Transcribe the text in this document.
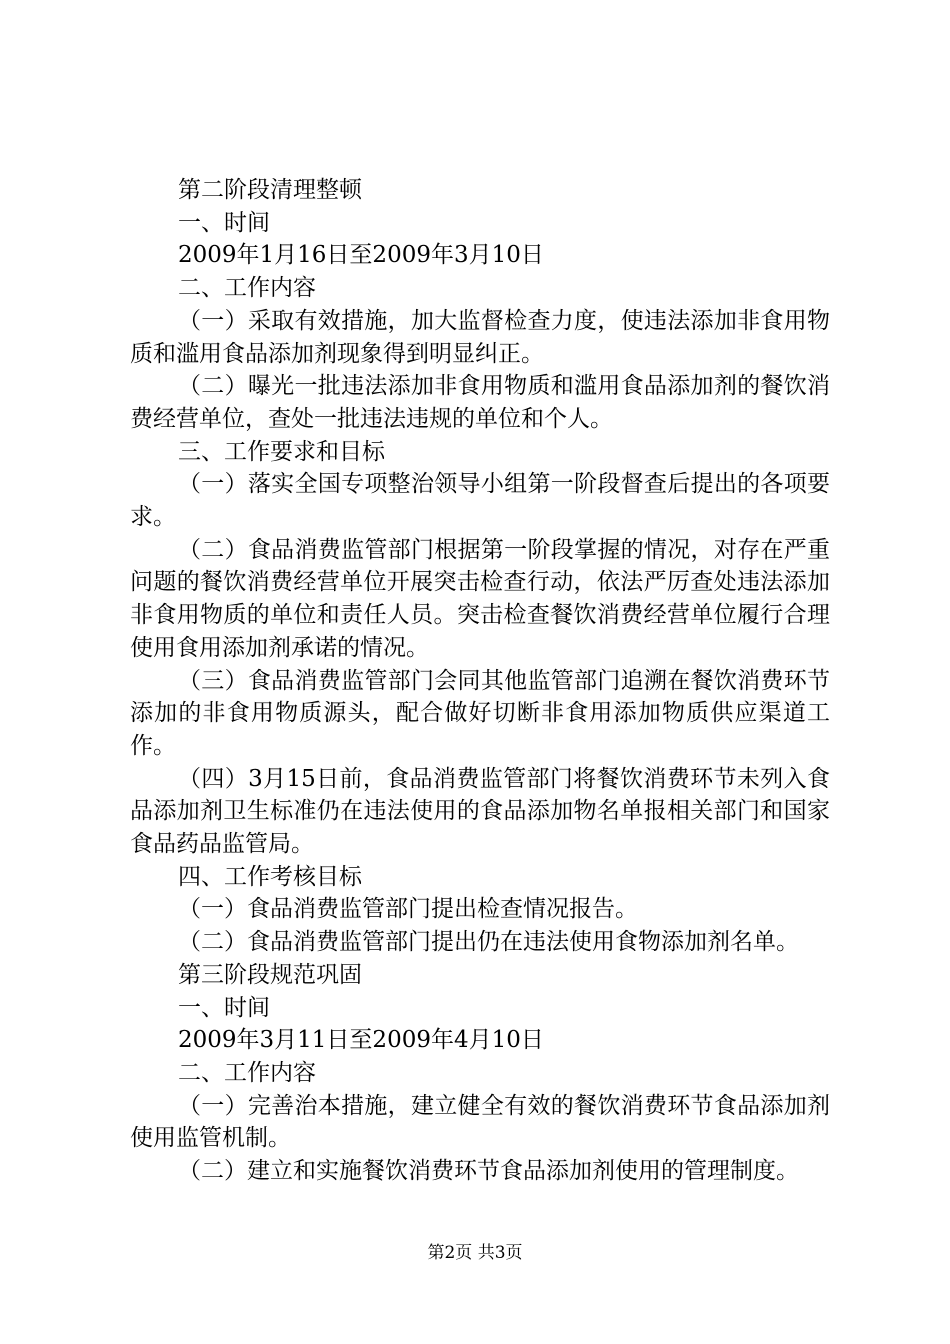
第二阶段清理整顿

一、时间

2009年1月16日至2009年3月10日

二、工作内容

（一）采取有效措施，加大监督检查力度，使违法添加非食用物质和滥用食品添加剂现象得到明显纠正。

（二）曝光一批违法添加非食用物质和滥用食品添加剂的餐饮消费经营单位，查处一批违法违规的单位和个人。

三、工作要求和目标

（一）落实全国专项整治领导小组第一阶段督查后提出的各项要求。

（二）食品消费监管部门根据第一阶段掌握的情况，对存在严重问题的餐饮消费经营单位开展突击检查行动，依法严厉查处违法添加非食用物质的单位和责任人员。突击检查餐饮消费经营单位履行合理使用食用添加剂承诺的情况。

（三）食品消费监管部门会同其他监管部门追溯在餐饮消费环节添加的非食用物质源头，配合做好切断非食用添加物质供应渠道工作。

（四）3月15日前，食品消费监管部门将餐饮消费环节未列入食品添加剂卫生标准仍在违法使用的食品添加物名单报相关部门和国家食品药品监管局。

四、工作考核目标

（一）食品消费监管部门提出检查情况报告。

（二）食品消费监管部门提出仍在违法使用食物添加剂名单。

第三阶段规范巩固

一、时间

2009年3月11日至2009年4月10日

二、工作内容

（一）完善治本措施，建立健全有效的餐饮消费环节食品添加剂使用监管机制。

（二）建立和实施餐饮消费环节食品添加剂使用的管理制度。

第2页 共3页
